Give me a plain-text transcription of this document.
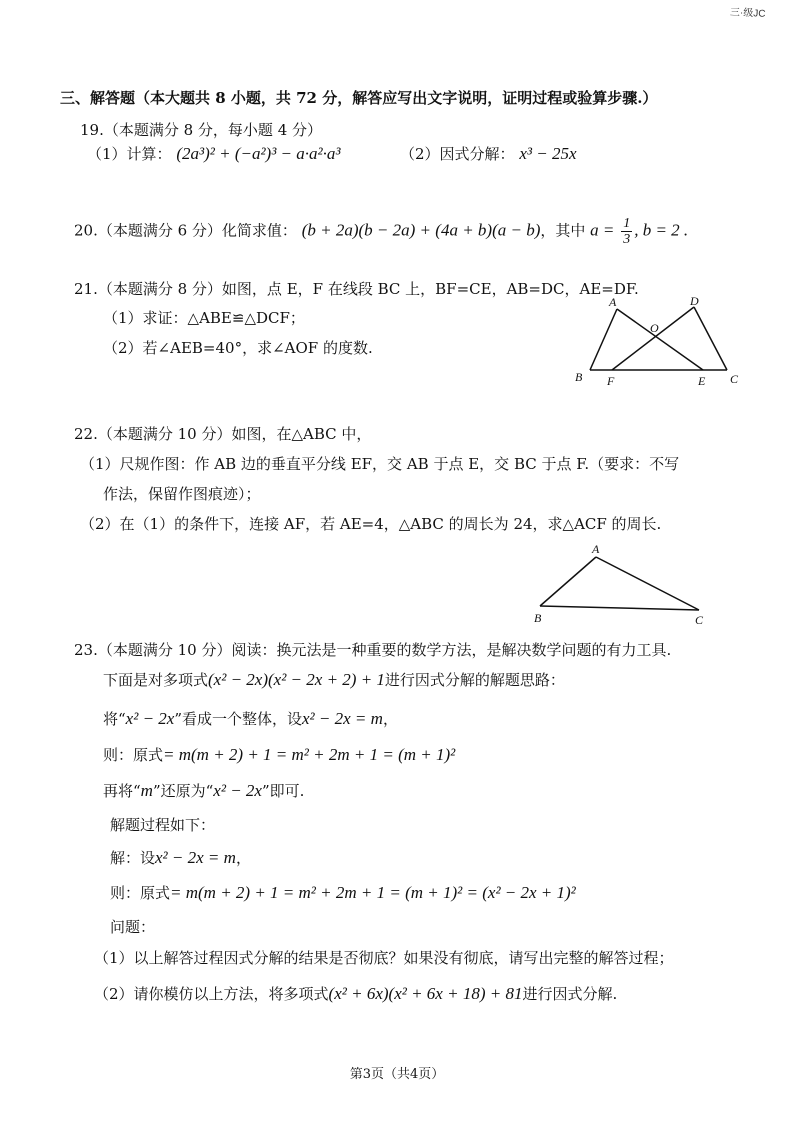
三·级JC
三、解答题（本大题共 8 小题，共 72 分，解答应写出文字说明，证明过程或验算步骤.）
19.（本题满分 8 分，每小题 4 分）
（1）计算： (2a³)² + (−a²)³ − a·a²·a³	（2）因式分解： x³ − 25x
20.（本题满分 6 分）化简求值： (b + 2a)(b − 2a) + (4a + b)(a − b)，其中 $a = \frac{1}{3}$ , b = 2 .
21.（本题满分 8 分）如图，点 E，F 在线段 BC 上，BF=CE，AB=DC，AE=DF.
（1）求证：△ABE≌△DCF；
（2）若∠AEB=40°，求∠AOF 的度数.
A	D
O
B F	E C
22.（本题满分 10 分）如图，在△ABC 中，
（1）尺规作图：作 AB 边的垂直平分线 EF，交 AB 于点 E，交 BC 于点 F.（要求：不写
作法，保留作图痕迹）；
（2）在（1）的条件下，连接 AF，若 AE=4，△ABC 的周长为 24，求△ACF 的周长.
A
B	C
23.（本题满分 10 分）阅读：换元法是一种重要的数学方法，是解决数学问题的有力工具.
下面是对多项式(x² − 2x)(x² − 2x + 2) + 1进行因式分解的解题思路：
将“x² − 2x”看成一个整体，设x² − 2x = m，
则：原式= m(m + 2) + 1 = m² + 2m + 1 = (m + 1)²
再将“m”还原为“x² − 2x”即可.
解题过程如下：
解：设x² − 2x = m，
则：原式= m(m + 2) + 1 = m² + 2m + 1 = (m + 1)² = (x² − 2x + 1)²
问题：
（1）以上解答过程因式分解的结果是否彻底？如果没有彻底，请写出完整的解答过程；
（2）请你模仿以上方法，将多项式(x² + 6x)(x² + 6x + 18) + 81进行因式分解.
第3页（共4页）
